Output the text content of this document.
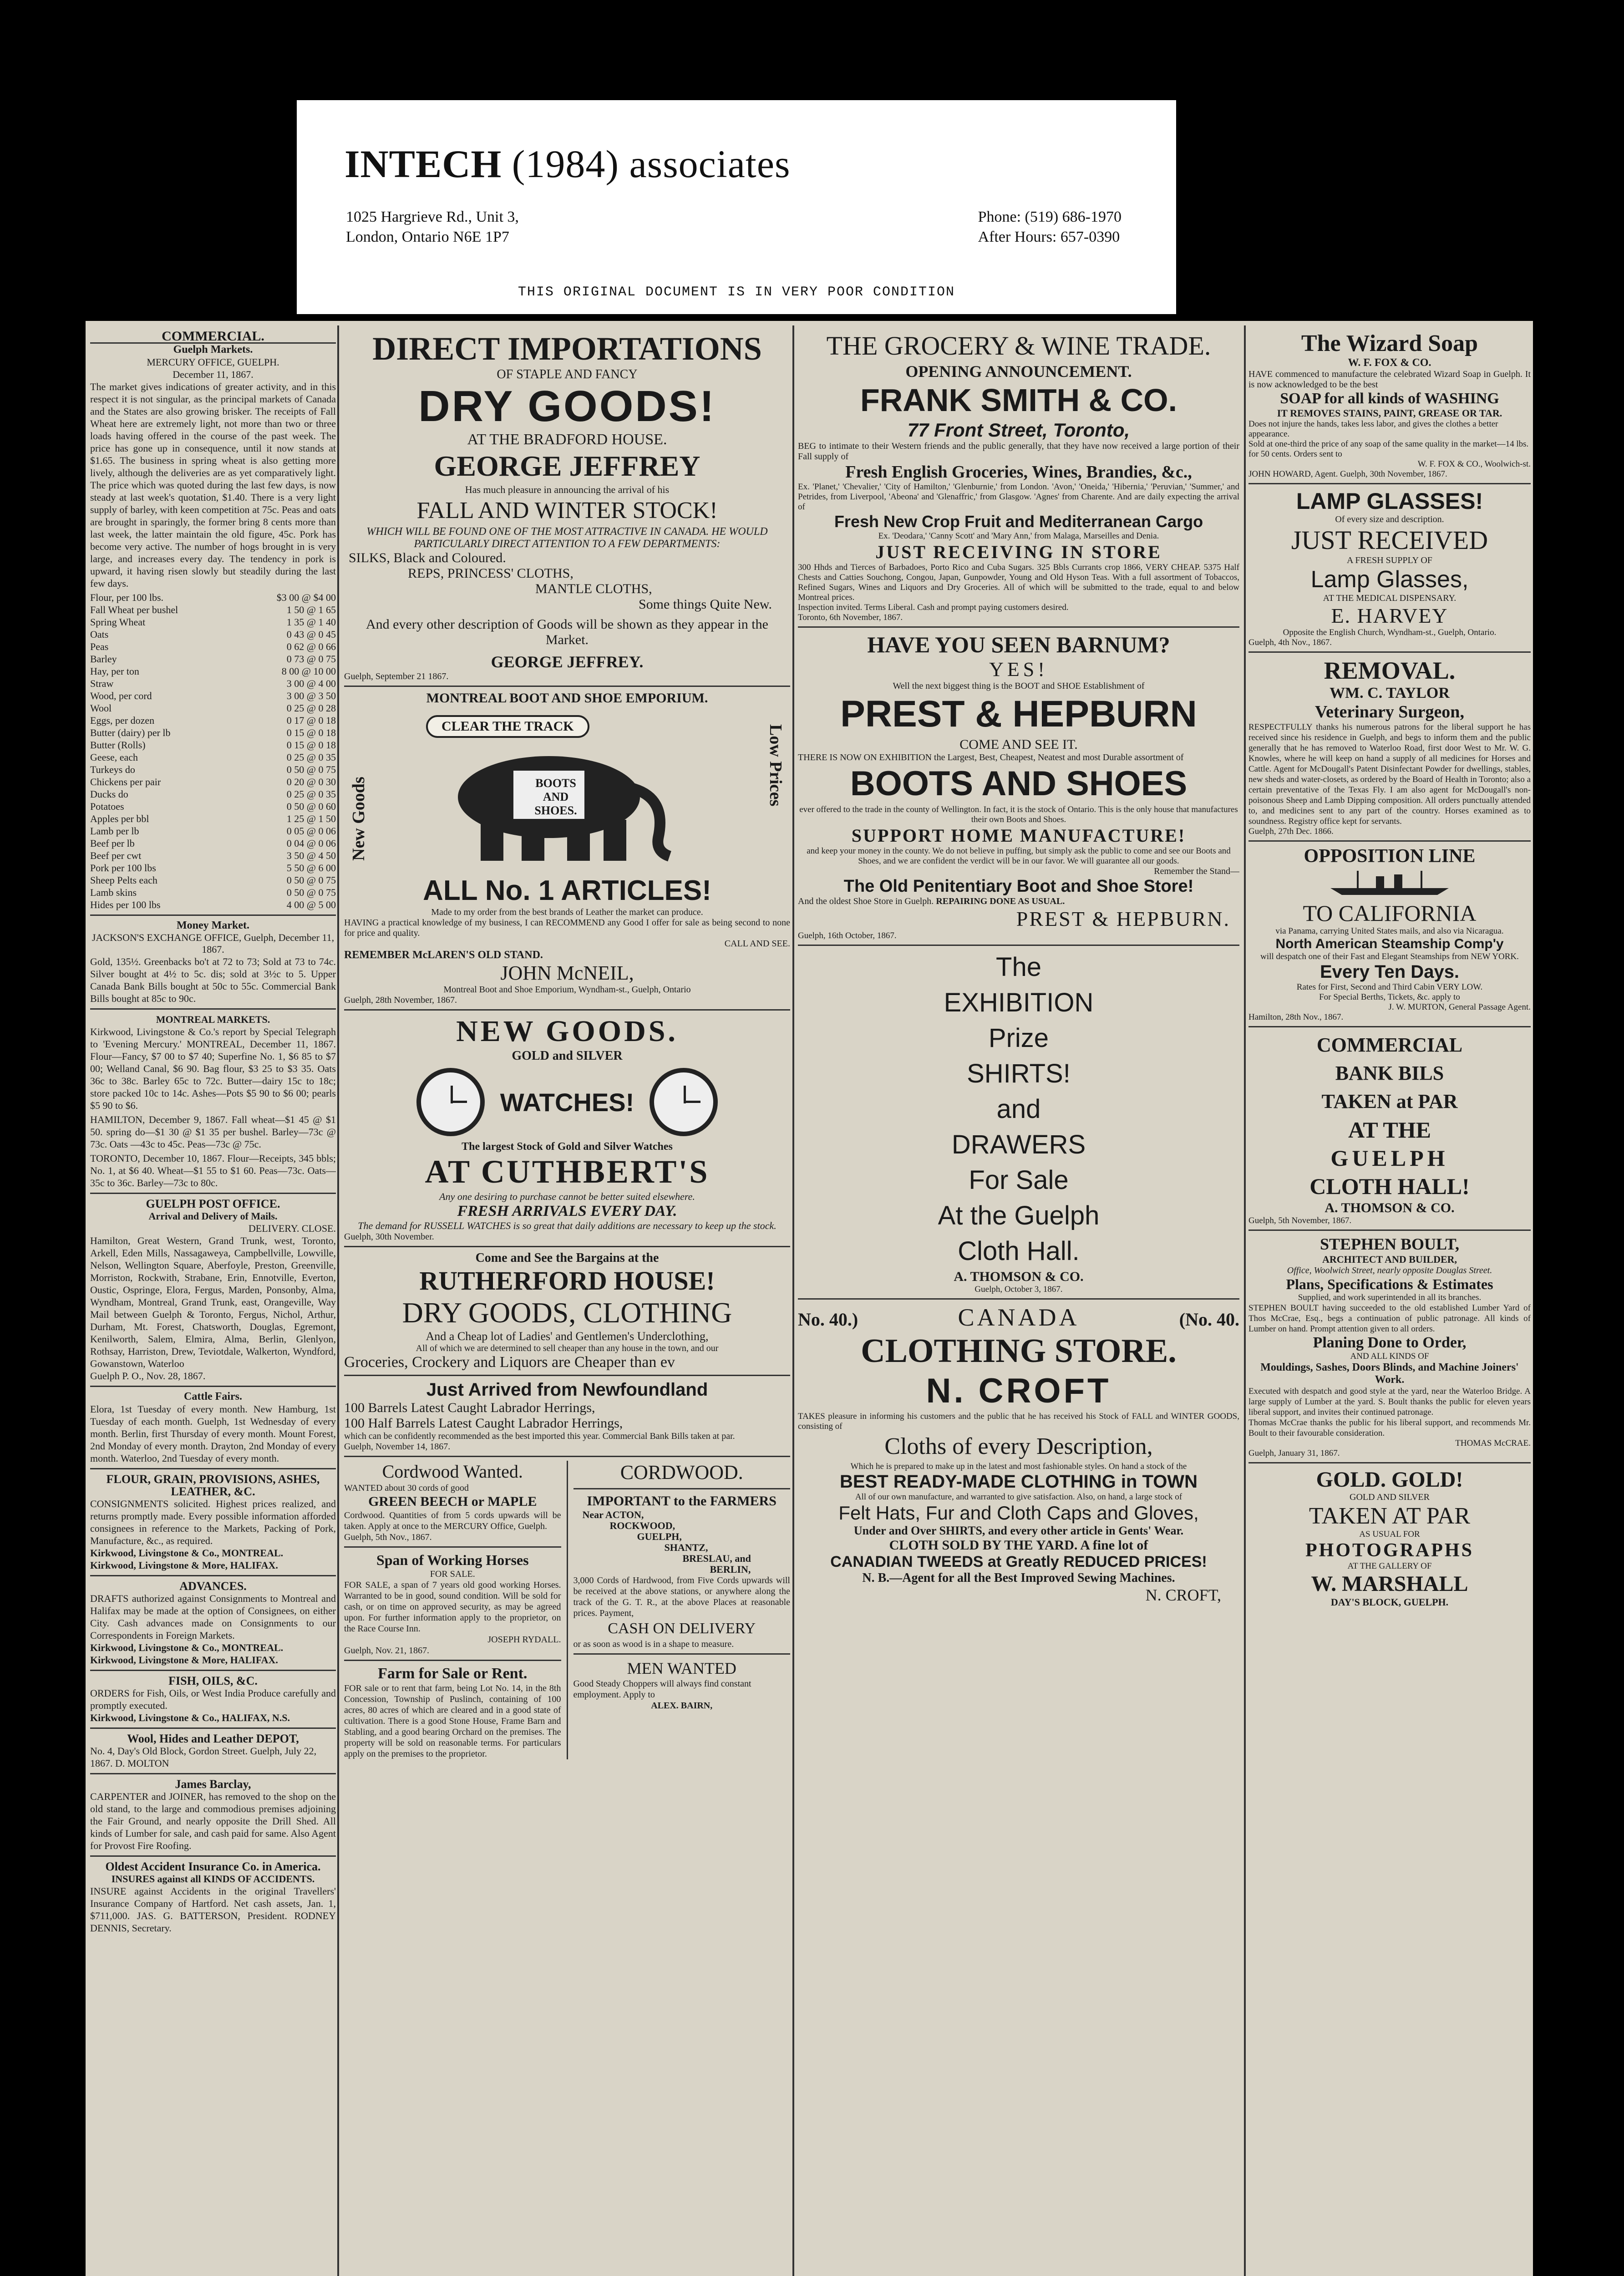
INTECH (1984) associates
1025 Hargrieve Rd., Unit 3,
London, Ontario N6E 1P7
Phone: (519) 686-1970
After Hours: 657-0390
THIS ORIGINAL DOCUMENT IS IN VERY POOR CONDITION
COMMERCIAL.
Guelph Markets.
MERCURY OFFICE, GUELPH.
December 11, 1867.
The market gives indications of greater activity, and in this respect it is not singular, as the principal markets of Canada and the States are also growing brisker. The receipts of Fall Wheat here are extremely light, not more than two or three loads having offered in the course of the past week. The price has gone up in consequence, until it now stands at $1.65. The business in spring wheat is also getting more lively, although the deliveries are as yet comparatively light. The price which was quoted during the last few days, is now steady at last week's quotation, $1.40. There is a very light supply of barley, with keen competition at 75c. Peas and oats are brought in sparingly, the former bring 8 cents more than last week, the latter maintain the old figure, 45c. Pork has become very active. The number of hogs brought in is very large, and increases every day. The tendency in pork is upward, it having risen slowly but steadily during the last few days.
Flour, per 100 lbs.	$3 00 @ $4 00
Fall Wheat per bushel	1 50 @ 1 65
Spring Wheat	1 35 @ 1 40
Oats	0 43 @ 0 45
Peas	0 62 @ 0 66
Barley	0 73 @ 0 75
Hay, per ton	8 00 @ 10 00
Straw	3 00 @ 4 00
Wood, per cord	3 00 @ 3 50
Wool	0 25 @ 0 28
Eggs, per dozen	0 17 @ 0 18
Butter (dairy) per lb	0 15 @ 0 18
Butter (Rolls)	0 15 @ 0 18
Geese, each	0 25 @ 0 35
Turkeys do	0 50 @ 0 75
Chickens per pair	0 20 @ 0 30
Ducks do	0 25 @ 0 35
Potatoes	0 50 @ 0 60
Apples per bbl	1 25 @ 1 50
Lamb per lb	0 05 @ 0 06
Beef per lb	0 04 @ 0 06
Beef per cwt	3 50 @ 4 50
Pork per 100 lbs	5 50 @ 6 00
Sheep Pelts each	0 50 @ 0 75
Lamb skins	0 50 @ 0 75
Hides per 100 lbs	4 00 @ 5 00
Money Market.
JACKSON'S EXCHANGE OFFICE, Guelph, December 11, 1867.
Gold, 135½. Greenbacks bo't at 72 to 73; Sold at 73 to 74c. Silver bought at 4½ to 5c. dis; sold at 3½c to 5. Upper Canada Bank Bills bought at 50c to 55c. Commercial Bank Bills bought at 85c to 90c.
MONTREAL MARKETS.
Kirkwood, Livingstone & Co.'s report by Special Telegraph to 'Evening Mercury.' MONTREAL, December 11, 1867. Flour—Fancy, $7 00 to $7 40; Superfine No. 1, $6 85 to $7 00; Welland Canal, $6 90. Bag flour, $3 25 to $3 35. Oats 36c to 38c. Barley 65c to 72c. Butter—dairy 15c to 18c; store packed 10c to 14c. Ashes—Pots $5 90 to $6 00; pearls $5 90 to $6.
HAMILTON, December 9, 1867. Fall wheat—$1 45 @ $1 50. spring do—$1 30 @ $1 35 per bushel. Barley—73c @ 73c. Oats —43c to 45c. Peas—73c @ 75c.
TORONTO, December 10, 1867. Flour—Receipts, 345 bbls; No. 1, at $6 40. Wheat—$1 55 to $1 60. Peas—73c. Oats—35c to 36c. Barley—73c to 80c.
GUELPH POST OFFICE.
Arrival and Delivery of Mails.
DELIVERY. CLOSE.
Hamilton, Great Western, Grand Trunk, west, Toronto, Arkell, Eden Mills, Nassagaweya, Campbellville, Lowville, Nelson, Wellington Square, Aberfoyle, Preston, Greenville, Morriston, Rockwith, Strabane, Erin, Ennotville, Everton, Oustic, Ospringe, Elora, Fergus, Marden, Ponsonby, Alma, Wyndham, Montreal, Grand Trunk, east, Orangeville, Way Mail between Guelph & Toronto, Fergus, Nichol, Arthur, Durham, Mt. Forest, Chatsworth, Douglas, Egremont, Kenilworth, Salem, Elmira, Alma, Berlin, Glenlyon, Rothsay, Harriston, Drew, Teviotdale, Walkerton, Wyndford, Gowanstown, Waterloo
Guelph P. O., Nov. 28, 1867.
Cattle Fairs.
Elora, 1st Tuesday of every month. New Hamburg, 1st Tuesday of each month. Guelph, 1st Wednesday of every month. Berlin, first Thursday of every month. Mount Forest, 2nd Monday of every month. Drayton, 2nd Monday of every month. Waterloo, 2nd Tuesday of every month.
FLOUR, GRAIN, PROVISIONS, ASHES, LEATHER, &C.
CONSIGNMENTS solicited. Highest prices realized, and returns promptly made. Every possible information afforded consignees in reference to the Markets, Packing of Pork, Manufacture, &c., as required.
Kirkwood, Livingstone & Co., MONTREAL.
Kirkwood, Livingstone & More, HALIFAX.
ADVANCES.
DRAFTS authorized against Consignments to Montreal and Halifax may be made at the option of Consignees, on either City. Cash advances made on Consignments to our Correspondents in Foreign Markets.
Kirkwood, Livingstone & Co., MONTREAL.
Kirkwood, Livingstone & More, HALIFAX.
FISH, OILS, &C.
ORDERS for Fish, Oils, or West India Produce carefully and promptly executed.
Kirkwood, Livingstone & Co., HALIFAX, N.S.
Wool, Hides and Leather DEPOT,
No. 4, Day's Old Block, Gordon Street. Guelph, July 22, 1867. D. MOLTON
James Barclay,
CARPENTER and JOINER, has removed to the shop on the old stand, to the large and commodious premises adjoining the Fair Ground, and nearly opposite the Drill Shed. All kinds of Lumber for sale, and cash paid for same. Also Agent for Provost Fire Roofing.
Oldest Accident Insurance Co. in America.
INSURES against all KINDS OF ACCIDENTS.
INSURE against Accidents in the original Travellers' Insurance Company of Hartford. Net cash assets, Jan. 1, $711,000. JAS. G. BATTERSON, President. RODNEY DENNIS, Secretary.
DIRECT IMPORTATIONS
OF STAPLE AND FANCY
DRY GOODS!
AT THE BRADFORD HOUSE.
GEORGE JEFFREY
Has much pleasure in announcing the arrival of his
FALL AND WINTER STOCK!
WHICH WILL BE FOUND ONE OF THE MOST ATTRACTIVE IN CANADA. HE WOULD PARTICULARLY DIRECT ATTENTION TO A FEW DEPARTMENTS:
SILKS, Black and Coloured.
REPS, PRINCESS' CLOTHS,
MANTLE CLOTHS,
Some things Quite New.
And every other description of Goods will be shown as they appear in the Market.
GEORGE JEFFREY.
Guelph, September 21 1867.
MONTREAL BOOT AND SHOE EMPORIUM.
New Goods
Low Prices
CLEAR THE TRACK
BOOTS AND
SHOES.
ALL No. 1 ARTICLES!
Made to my order from the best brands of Leather the market can produce.
HAVING a practical knowledge of my business, I can RECOMMEND any Good I offer for sale as being second to none for price and quality.
CALL AND SEE.
REMEMBER McLAREN'S OLD STAND.
JOHN McNEIL,
Montreal Boot and Shoe Emporium, Wyndham-st., Guelph, Ontario
Guelph, 28th November, 1867.
NEW GOODS.
GOLD and SILVER
WATCHES!
The largest Stock of Gold and Silver Watches
AT CUTHBERT'S
Any one desiring to purchase cannot be better suited elsewhere.
FRESH ARRIVALS EVERY DAY.
The demand for RUSSELL WATCHES is so great that daily additions are necessary to keep up the stock.
Guelph, 30th November.
Come and See the Bargains at the
RUTHERFORD HOUSE!
DRY GOODS, CLOTHING
And a Cheap lot of Ladies' and Gentlemen's Underclothing,
All of which we are determined to sell cheaper than any house in the town, and our
Groceries, Crockery and Liquors are Cheaper than ev
Just Arrived from Newfoundland
100 Barrels Latest Caught Labrador Herrings,
100 Half Barrels Latest Caught Labrador Herrings,
which can be confidently recommended as the best imported this year. Commercial Bank Bills taken at par.
Guelph, November 14, 1867.
Cordwood Wanted.
WANTED about 30 cords of good
GREEN BEECH or MAPLE
Cordwood. Quantities of from 5 cords upwards will be taken. Apply at once to the MERCURY Office, Guelph.
Guelph, 5th Nov., 1867.
Span of Working Horses
FOR SALE.
FOR SALE, a span of 7 years old good working Horses. Warranted to be in good, sound condition. Will be sold for cash, or on time on approved security, as may be agreed upon. For further information apply to the proprietor, on the Race Course Inn.
JOSEPH RYDALL.
Guelph, Nov. 21, 1867.
Farm for Sale or Rent.
FOR sale or to rent that farm, being Lot No. 14, in the 8th Concession, Township of Puslinch, containing of 100 acres, 80 acres of which are cleared and in a good state of cultivation. There is a good Stone House, Frame Barn and Stabling, and a good bearing Orchard on the premises. The property will be sold on reasonable terms. For particulars apply on the premises to the proprietor.
CORDWOOD.
IMPORTANT to the FARMERS
Near ACTON,
ROCKWOOD,
GUELPH,
SHANTZ,
BRESLAU, and
BERLIN,
3,000 Cords of Hardwood, from Five Cords upwards will be received at the above stations, or anywhere along the track of the G. T. R., at the above Places at reasonable prices. Payment,
CASH ON DELIVERY
or as soon as wood is in a shape to measure.
MEN WANTED
Good Steady Choppers will always find constant employment. Apply to
ALEX. BAIRN,
THE GROCERY & WINE TRADE.
OPENING ANNOUNCEMENT.
FRANK SMITH & CO.
77 Front Street, Toronto,
BEG to intimate to their Western friends and the public generally, that they have now received a large portion of their Fall supply of
Fresh English Groceries, Wines, Brandies, &c.,
Ex. 'Planet,' 'Chevalier,' 'City of Hamilton,' 'Glenburnie,' from London. 'Avon,' 'Oneida,' 'Hibernia,' 'Peruvian,' 'Summer,' and Petrides, from Liverpool, 'Abeona' and 'Glenaffric,' from Glasgow. 'Agnes' from Charente. And are daily expecting the arrival of
Fresh New Crop Fruit and Mediterranean Cargo
Ex. 'Deodara,' 'Canny Scott' and 'Mary Ann,' from Malaga, Marseilles and Denia.
JUST RECEIVING IN STORE
300 Hhds and Tierces of Barbadoes, Porto Rico and Cuba Sugars. 325 Bbls Currants crop 1866, VERY CHEAP. 5375 Half Chests and Catties Souchong, Congou, Japan, Gunpowder, Young and Old Hyson Teas. With a full assortment of Tobaccos, Refined Sugars, Wines and Liquors and Dry Groceries. All of which will be submitted to the trade, equal to and below Montreal prices.
Inspection invited. Terms Liberal. Cash and prompt paying customers desired.
Toronto, 6th November, 1867.
HAVE YOU SEEN BARNUM?
YES!
Well the next biggest thing is the BOOT and SHOE Establishment of
PREST & HEPBURN
COME AND SEE IT.
THERE IS NOW ON EXHIBITION the Largest, Best, Cheapest, Neatest and most Durable assortment of
BOOTS AND SHOES
ever offered to the trade in the county of Wellington. In fact, it is the stock of Ontario. This is the only house that manufactures their own Boots and Shoes.
SUPPORT HOME MANUFACTURE!
and keep your money in the county. We do not believe in puffing, but simply ask the public to come and see our Boots and Shoes, and we are confident the verdict will be in our favor. We will guarantee all our goods.
Remember the Stand—
The Old Penitentiary Boot and Shoe Store!
And the oldest Shoe Store in Guelph. REPAIRING DONE AS USUAL.
PREST & HEPBURN.
Guelph, 16th October, 1867.
The
EXHIBITION
Prize
SHIRTS!
and
DRAWERS
For Sale
At the Guelph
Cloth Hall.
A. THOMSON & CO.
Guelph, October 3, 1867.
No. 40.)	CANADA	(No. 40.
CLOTHING STORE.
N. CROFT
TAKES pleasure in informing his customers and the public that he has received his Stock of FALL and WINTER GOODS, consisting of
Cloths of every Description,
Which he is prepared to make up in the latest and most fashionable styles. On hand a stock of the
BEST READY-MADE CLOTHING in TOWN
All of our own manufacture, and warranted to give satisfaction. Also, on hand, a large stock of
Felt Hats, Fur and Cloth Caps and Gloves,
Under and Over SHIRTS, and every other article in Gents' Wear.
CLOTH SOLD BY THE YARD. A fine lot of
CANADIAN TWEEDS at Greatly REDUCED PRICES!
N. B.—Agent for all the Best Improved Sewing Machines.
N. CROFT,
The Wizard Soap
W. F. FOX & CO.
HAVE commenced to manufacture the celebrated Wizard Soap in Guelph. It is now acknowledged to be the best
SOAP for all kinds of WASHING
IT REMOVES STAINS, PAINT, GREASE OR TAR.
Does not injure the hands, takes less labor, and gives the clothes a better appearance.
Sold at one-third the price of any soap of the same quality in the market—14 lbs. for 50 cents. Orders sent to
W. F. FOX & CO., Woolwich-st.
JOHN HOWARD, Agent. Guelph, 30th November, 1867.
LAMP GLASSES!
Of every size and description.
JUST RECEIVED
A FRESH SUPPLY OF
Lamp Glasses,
AT THE MEDICAL DISPENSARY.
E. HARVEY
Opposite the English Church, Wyndham-st., Guelph, Ontario.
Guelph, 4th Nov., 1867.
REMOVAL.
WM. C. TAYLOR
Veterinary Surgeon,
RESPECTFULLY thanks his numerous patrons for the liberal support he has received since his residence in Guelph, and begs to inform them and the public generally that he has removed to Waterloo Road, first door West to Mr. W. G. Knowles, where he will keep on hand a supply of all medicines for Horses and Cattle. Agent for McDougall's Patent Disinfectant Powder for dwellings, stables, new sheds and water-closets, as ordered by the Board of Health in Toronto; also a certain preventative of the Texas Fly. I am also agent for McDougall's non-poisonous Sheep and Lamb Dipping composition. All orders punctually attended to, and medicines sent to any part of the country. Horses examined as to soundness. Registry office kept for servants.
Guelph, 27th Dec. 1866.
OPPOSITION LINE
TO CALIFORNIA
via Panama, carrying United States mails, and also via Nicaragua.
North American Steamship Comp'y
will despatch one of their Fast and Elegant Steamships from NEW YORK.
Every Ten Days.
Rates for First, Second and Third Cabin VERY LOW.
For Special Berths, Tickets, &c. apply to
J. W. MURTON, General Passage Agent.
Hamilton, 28th Nov., 1867.
COMMERCIAL
BANK BILS
TAKEN at PAR
AT THE
GUELPH
CLOTH HALL!
A. THOMSON & CO.
Guelph, 5th November, 1867.
STEPHEN BOULT,
ARCHITECT AND BUILDER,
Office, Woolwich Street, nearly opposite Douglas Street.
Plans, Specifications & Estimates
Supplied, and work superintended in all its branches.
STEPHEN BOULT having succeeded to the old established Lumber Yard of Thos McCrae, Esq., begs a continuation of public patronage. All kinds of Lumber on hand. Prompt attention given to all orders.
Planing Done to Order,
AND ALL KINDS OF
Mouldings, Sashes, Doors Blinds, and Machine Joiners' Work.
Executed with despatch and good style at the yard, near the Waterloo Bridge. A large supply of Lumber at the yard. S. Boult thanks the public for eleven years liberal support, and invites their continued patronage.
Thomas McCrae thanks the public for his liberal support, and recommends Mr. Boult to their favourable consideration.
THOMAS McCRAE.
Guelph, January 31, 1867.
GOLD. GOLD!
GOLD AND SILVER
TAKEN AT PAR
AS USUAL FOR
PHOTOGRAPHS
AT THE GALLERY OF
W. MARSHALL
DAY'S BLOCK, GUELPH.
